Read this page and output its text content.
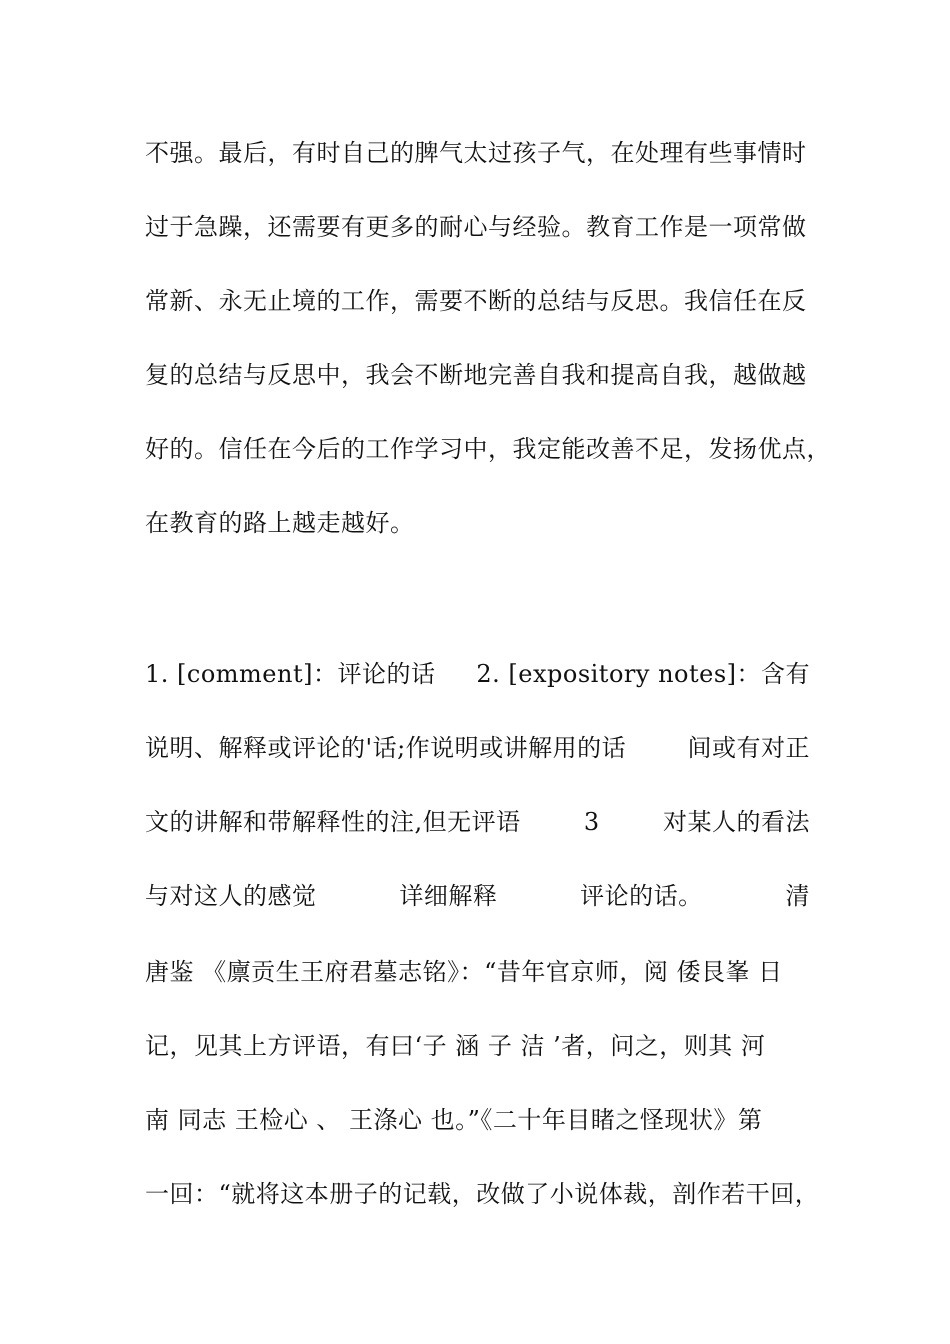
不强。最后，有时自己的脾气太过孩子气，在处理有些事情时
过于急躁，还需要有更多的耐心与经验。教育工作是一项常做
常新、永无止境的工作，需要不断的总结与反思。我信任在反
复的总结与反思中，我会不断地完善自我和提高自我，越做越
好的。信任在今后的工作学习中，我定能改善不足，发扬优点，
在教育的路上越走越好。
1. [comment]：评论的话 2. [expository notes]：含有
说明、解释或评论的'话;作说明或讲解用的话	间或有对正
文的讲解和带解释性的注,但无评语	3	对某人的看法
与对这人的感觉	详细解释	评论的话。	清
唐鉴 《廪贡生王府君墓志铭》：“昔年官京师，阅 倭艮峯 日
记，见其上方评语，有曰‘子 涵 子 洁 ’者，问之，则其 河
南 同志 王检心 、 王涤心 也。”《二十年目睹之怪现状》第
一回：“就将这本册子的记载，改做了小说体裁，剖作若干回，
